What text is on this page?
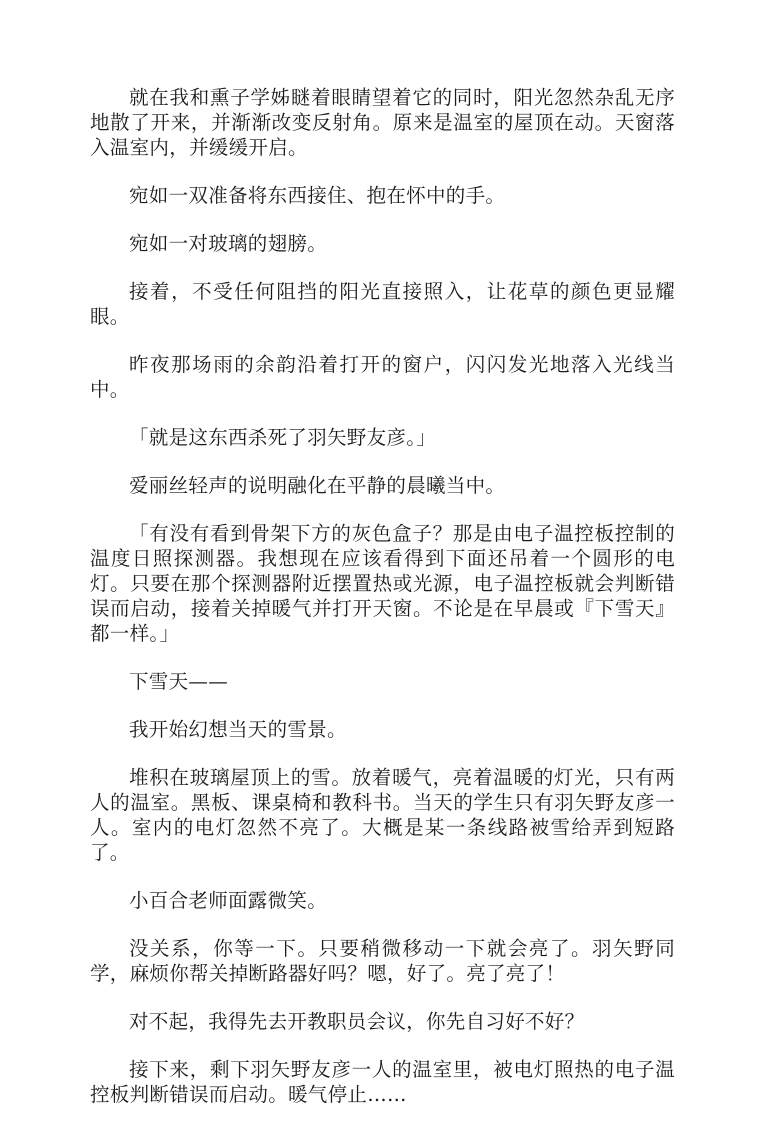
就在我和熏子学姊瞇着眼睛望着它的同时，阳光忽然杂乱无序地散了开来，并渐渐改变反射角。原来是温室的屋顶在动。天窗落入温室内，并缓缓开启。

宛如一双准备将东西接住、抱在怀中的手。

宛如一对玻璃的翅膀。

接着，不受任何阻挡的阳光直接照入，让花草的颜色更显耀眼。

昨夜那场雨的余韵沿着打开的窗户，闪闪发光地落入光线当中。

「就是这东西杀死了羽矢野友彦。」

爱丽丝轻声的说明融化在平静的晨曦当中。

「有没有看到骨架下方的灰色盒子？那是由电子温控板控制的温度日照探测器。我想现在应该看得到下面还吊着一个圆形的电灯。只要在那个探测器附近摆置热或光源，电子温控板就会判断错误而启动，接着关掉暖气并打开天窗。不论是在早晨或『下雪天』都一样。」

下雪天——

我开始幻想当天的雪景。

堆积在玻璃屋顶上的雪。放着暖气，亮着温暖的灯光，只有两人的温室。黑板、课桌椅和教科书。当天的学生只有羽矢野友彦一人。室内的电灯忽然不亮了。大概是某一条线路被雪给弄到短路了。

小百合老师面露微笑。

没关系，你等一下。只要稍微移动一下就会亮了。羽矢野同学，麻烦你帮关掉断路器好吗？嗯，好了。亮了亮了！

对不起，我得先去开教职员会议，你先自习好不好？

接下来，剩下羽矢野友彦一人的温室里，被电灯照热的电子温控板判断错误而启动。暖气停止……
